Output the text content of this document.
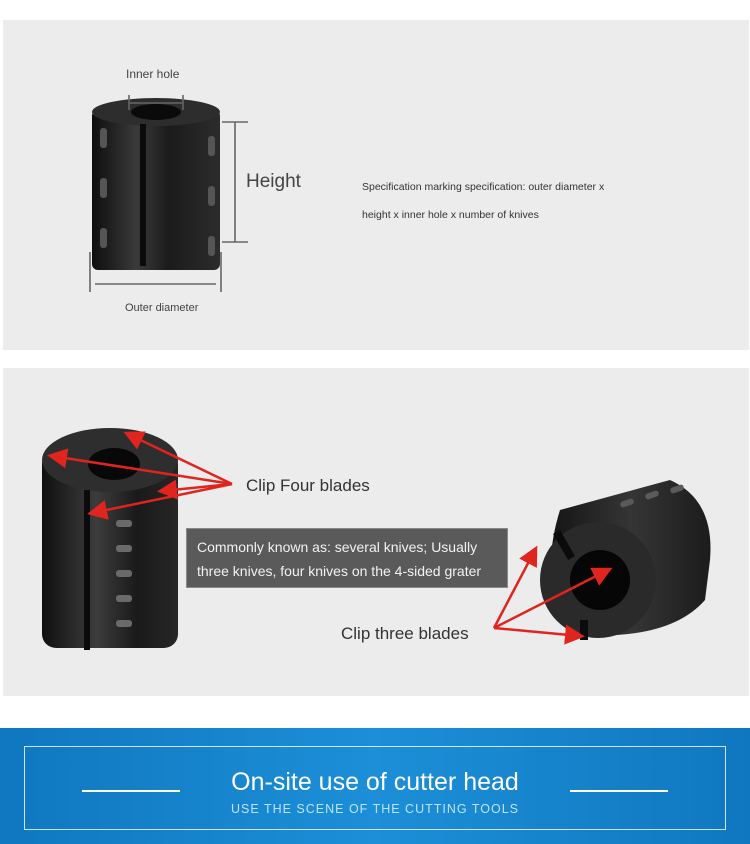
Inner hole
Height
Outer diameter
Specification marking specification: outer diameter x
height x inner hole x number of knives
Clip Four blades
Commonly known as: several knives; Usually
three knives, four knives on the 4-sided grater
Clip three blades
On-site use of cutter head
USE THE SCENE OF THE CUTTING TOOLS
